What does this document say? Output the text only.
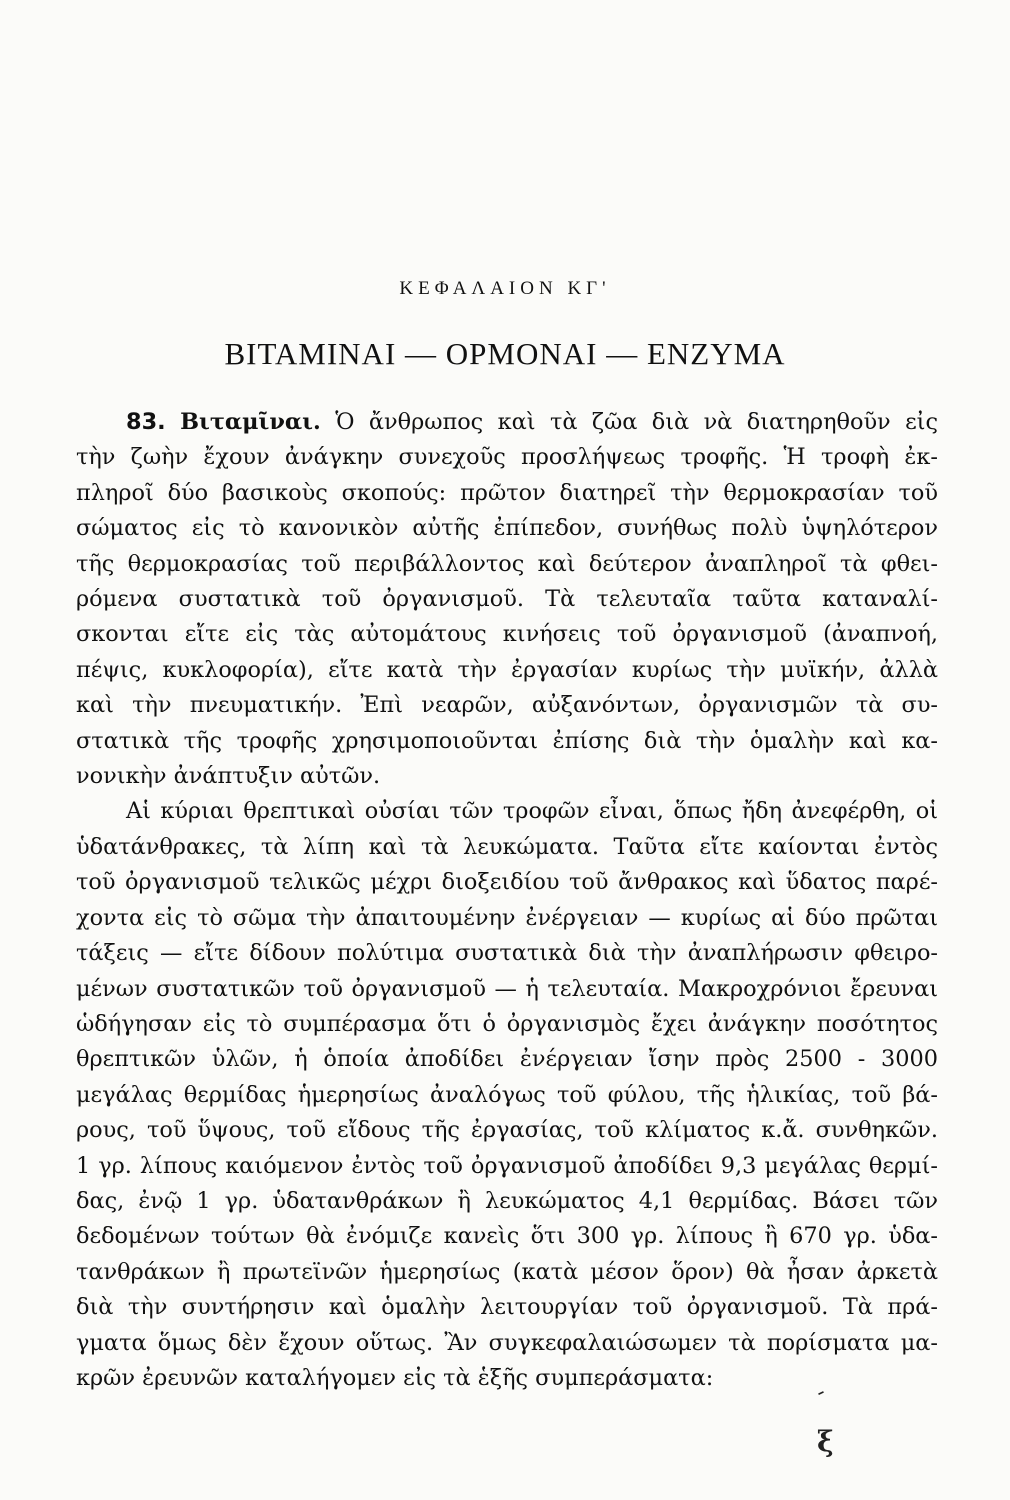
ΚΕΦΑΛΑΙΟΝ ΚΓ'
ΒΙΤΑΜΙΝΑΙ — ΟΡΜΟΝΑΙ — ΕΝΖΥΜΑ
83. Βιταμῖναι. Ὁ ἄνθρωπος καὶ τὰ ζῶα διὰ νὰ διατηρηθοῦν εἰς
τὴν ζωὴν ἔχουν ἀνάγκην συνεχοῦς προσλήψεως τροφῆς. Ἡ τροφὴ ἐκ-
πληροῖ δύο βασικοὺς σκοπούς: πρῶτον διατηρεῖ τὴν θερμοκρασίαν τοῦ
σώματος εἰς τὸ κανονικὸν αὐτῆς ἐπίπεδον, συνήθως πολὺ ὑψηλότερον
τῆς θερμοκρασίας τοῦ περιβάλλοντος καὶ δεύτερον ἀναπληροῖ τὰ φθει-
ρόμενα συστατικὰ τοῦ ὀργανισμοῦ. Τὰ τελευταῖα ταῦτα καταναλί-
σκονται εἴτε εἰς τὰς αὐτομάτους κινήσεις τοῦ ὀργανισμοῦ (ἀναπνοή,
πέψις, κυκλοφορία), εἴτε κατὰ τὴν ἐργασίαν κυρίως τὴν μυϊκήν, ἀλλὰ
καὶ τὴν πνευματικήν. Ἐπὶ νεαρῶν, αὐξανόντων, ὀργανισμῶν τὰ συ-
στατικὰ τῆς τροφῆς χρησιμοποιοῦνται ἐπίσης διὰ τὴν ὁμαλὴν καὶ κα-
νονικὴν ἀνάπτυξιν αὐτῶν.
Αἱ κύριαι θρεπτικαὶ οὐσίαι τῶν τροφῶν εἶναι, ὅπως ἤδη ἀνεφέρθη, οἱ
ὑδατάνθρακες, τὰ λίπη καὶ τὰ λευκώματα. Ταῦτα εἴτε καίονται ἐντὸς
τοῦ ὀργανισμοῦ τελικῶς μέχρι διοξειδίου τοῦ ἄνθρακος καὶ ὕδατος παρέ-
χοντα εἰς τὸ σῶμα τὴν ἀπαιτουμένην ἐνέργειαν — κυρίως αἱ δύο πρῶται
τάξεις — εἴτε δίδουν πολύτιμα συστατικὰ διὰ τὴν ἀναπλήρωσιν φθειρο-
μένων συστατικῶν τοῦ ὀργανισμοῦ — ἡ τελευταία. Μακροχρόνιοι ἔρευναι
ὡδήγησαν εἰς τὸ συμπέρασμα ὅτι ὁ ὀργανισμὸς ἔχει ἀνάγκην ποσότητος
θρεπτικῶν ὑλῶν, ἡ ὁποία ἀποδίδει ἐνέργειαν ἴσην πρὸς 2500 - 3000
μεγάλας θερμίδας ἡμερησίως ἀναλόγως τοῦ φύλου, τῆς ἡλικίας, τοῦ βά-
ρους, τοῦ ὕψους, τοῦ εἴδους τῆς ἐργασίας, τοῦ κλίματος κ.ἄ. συνθηκῶν.
1 γρ. λίπους καιόμενον ἐντὸς τοῦ ὀργανισμοῦ ἀποδίδει 9,3 μεγάλας θερμί-
δας, ἐνῷ 1 γρ. ὑδατανθράκων ἢ λευκώματος 4,1 θερμίδας. Βάσει τῶν
δεδομένων τούτων θὰ ἐνόμιζε κανεὶς ὅτι 300 γρ. λίπους ἢ 670 γρ. ὑδα-
τανθράκων ἢ πρωτεϊνῶν ἡμερησίως (κατὰ μέσον ὅρον) θὰ ἦσαν ἀρκετὰ
διὰ τὴν συντήρησιν καὶ ὁμαλὴν λειτουργίαν τοῦ ὀργανισμοῦ. Τὰ πρά-
γματα ὅμως δὲν ἔχουν οὕτως. Ἂν συγκεφαλαιώσωμεν τὰ πορίσματα μα-
κρῶν ἐρευνῶν καταλήγομεν εἰς τὰ ἑξῆς συμπεράσματα:
‐
ξ
